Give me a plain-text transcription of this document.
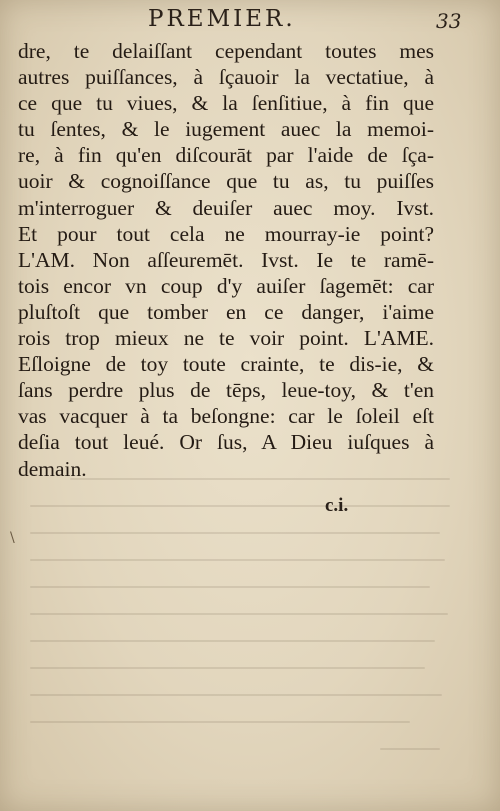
PREMIER.	33
dre, te delaiſſant cependant toutes mes
autres puiſſances, à ſçauoir la vectatiue, à
ce que tu viues, & la ſenſitiue, à fin que
tu ſentes, & le iugement auec la memoi-
re, à fin qu'en diſcourāt par l'aide de ſça-
uoir & cognoiſſance que tu as, tu puiſſes
m'interroguer & deuiſer auec moy. Ivst.
Et pour tout cela ne mourray-ie point?
L'AM. Non aſſeuremēt. Ivst. Ie te ramē-
tois encor vn coup d'y auiſer ſagemēt: car
pluſtoſt que tomber en ce danger, i'aime
rois trop mieux ne te voir point. L'AME.
Eſloigne de toy toute crainte, te dis-ie, &
ſans perdre plus de tēps, leue-toy, & t'en
vas vacquer à ta beſongne: car le ſoleil eſt
deſia tout leué. Or ſus, A Dieu iuſques à
demain.
c.i.
\
